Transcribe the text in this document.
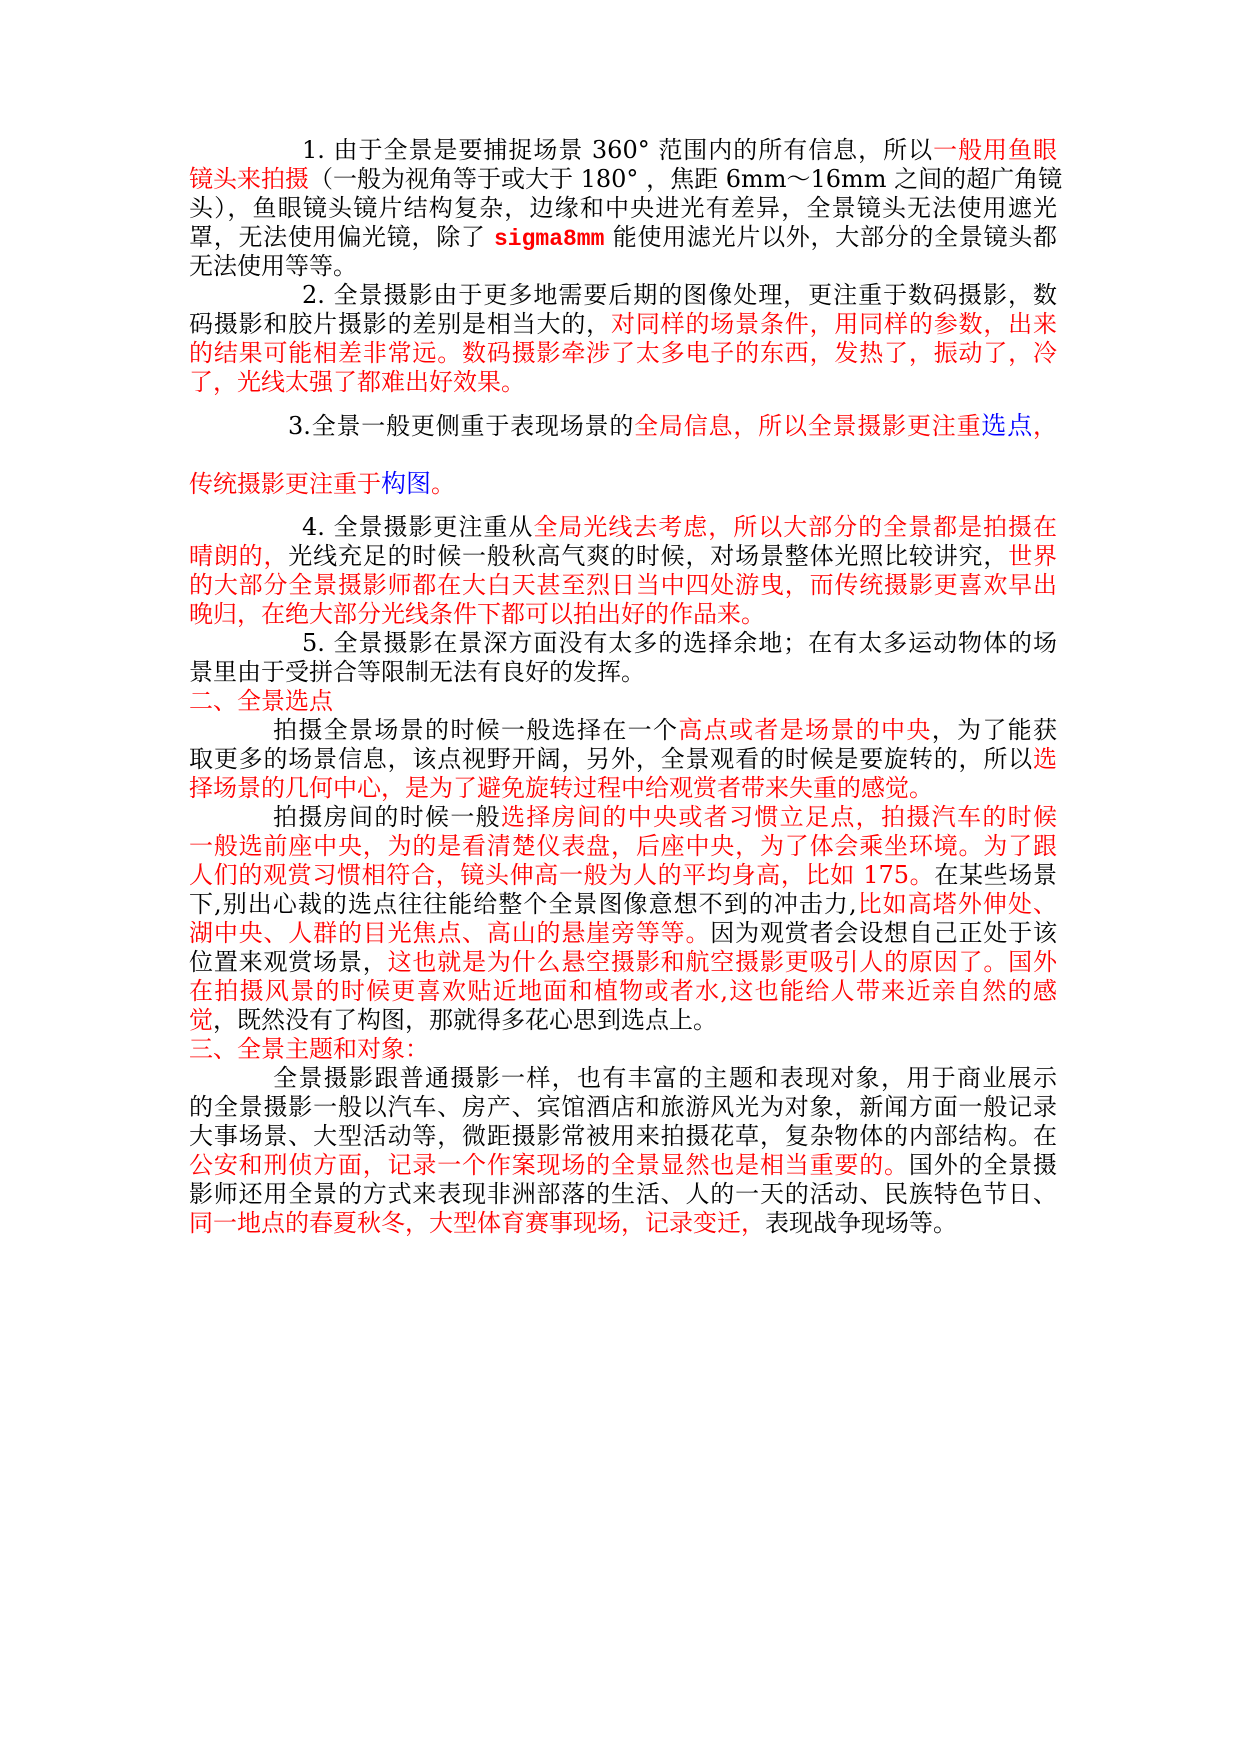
1. 由于全景是要捕捉场景 360° 范围内的所有信息，所以一般用鱼眼
镜头来拍摄（一般为视角等于或大于 180° ，焦距 6mm～16mm 之间的超广角镜
头），鱼眼镜头镜片结构复杂，边缘和中央进光有差异，全景镜头无法使用遮光
罩，无法使用偏光镜，除了 sigma8mm 能使用滤光片以外，大部分的全景镜头都
无法使用等等。
2. 全景摄影由于更多地需要后期的图像处理，更注重于数码摄影，数
码摄影和胶片摄影的差别是相当大的，对同样的场景条件，用同样的参数，出来
的结果可能相差非常远。数码摄影牵涉了太多电子的东西，发热了，振动了，冷
了，光线太强了都难出好效果。
3.全景一般更侧重于表现场景的全局信息，所以全景摄影更注重选点，
传统摄影更注重于构图。
4. 全景摄影更注重从全局光线去考虑，所以大部分的全景都是拍摄在
晴朗的，光线充足的时候一般秋高气爽的时候，对场景整体光照比较讲究，世界
的大部分全景摄影师都在大白天甚至烈日当中四处游曳，而传统摄影更喜欢早出
晚归，在绝大部分光线条件下都可以拍出好的作品来。
5. 全景摄影在景深方面没有太多的选择余地；在有太多运动物体的场
景里由于受拼合等限制无法有良好的发挥。
二、全景选点
拍摄全景场景的时候一般选择在一个高点或者是场景的中央，为了能获
取更多的场景信息，该点视野开阔，另外，全景观看的时候是要旋转的，所以选
择场景的几何中心，是为了避免旋转过程中给观赏者带来失重的感觉。
拍摄房间的时候一般选择房间的中央或者习惯立足点，拍摄汽车的时候
一般选前座中央，为的是看清楚仪表盘，后座中央，为了体会乘坐环境。为了跟
人们的观赏习惯相符合，镜头伸高一般为人的平均身高，比如 175。在某些场景
下,别出心裁的选点往往能给整个全景图像意想不到的冲击力,比如高塔外伸处、
湖中央、人群的目光焦点、高山的悬崖旁等等。因为观赏者会设想自己正处于该
位置来观赏场景，这也就是为什么悬空摄影和航空摄影更吸引人的原因了。国外
在拍摄风景的时候更喜欢贴近地面和植物或者水,这也能给人带来近亲自然的感
觉，既然没有了构图，那就得多花心思到选点上。
三、全景主题和对象：
全景摄影跟普通摄影一样，也有丰富的主题和表现对象，用于商业展示
的全景摄影一般以汽车、房产、宾馆酒店和旅游风光为对象，新闻方面一般记录
大事场景、大型活动等，微距摄影常被用来拍摄花草，复杂物体的内部结构。在
公安和刑侦方面，记录一个作案现场的全景显然也是相当重要的。国外的全景摄
影师还用全景的方式来表现非洲部落的生活、人的一天的活动、民族特色节日、
同一地点的春夏秋冬，大型体育赛事现场，记录变迁，表现战争现场等。
